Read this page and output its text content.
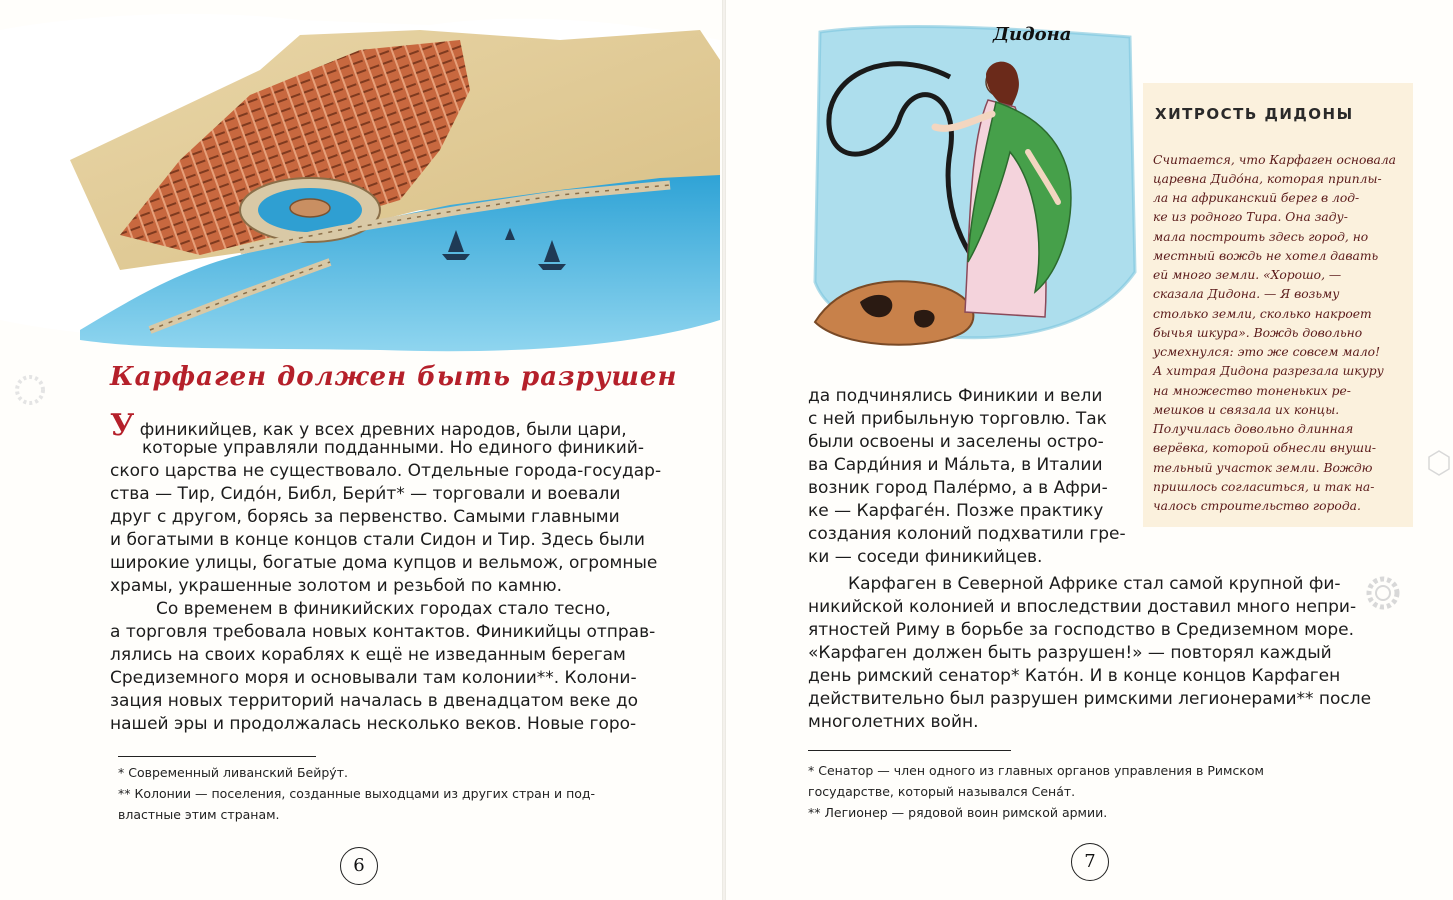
Карфаген должен быть разрушен

У финикийцев, как у всех древних народов, были цари,

которые управляли подданными. Но единого финикий-

ского царства не существовало. Отдельные города-государ-

ства — Тир, Сидо́н, Библ, Бери́т* — торговали и воевали

друг с другом, борясь за первенство. Самыми главными

и богатыми в конце концов стали Сидон и Тир. Здесь были

широкие улицы, богатые дома купцов и вельмож, огромные

храмы, украшенные золотом и резьбой по камню.

Со временем в финикийских городах стало тесно,

а торговля требовала новых контактов. Финикийцы отправ-

лялись на своих кораблях к ещё не изведанным берегам

Средиземного моря и основывали там колонии**. Колони-

зация новых территорий началась в двенадцатом веке до

нашей эры и продолжалась несколько веков. Новые горо-

* Современный ливанский Бейру́т.

** Колонии — поселения, созданные выходцами из других стран и под-

властные этим странам.

6

Дидона

ХИТРОСТЬ ДИДОНЫ

Считается, что Карфаген основала

царевна Дидо́на, которая приплы-

ла на африканский берег в лод-

ке из родного Тира. Она заду-

мала построить здесь город, но

местный вождь не хотел давать

ей много земли. «Хорошо, —

сказала Дидона. — Я возьму

столько земли, сколько накроет

бычья шкура». Вождь довольно

усмехнулся: это же совсем мало!

А хитрая Дидона разрезала шкуру

на множество тоненьких ре-

мешков и связала их концы.

Получилась довольно длинная

верёвка, которой обнесли внуши-

тельный участок земли. Вождю

пришлось согласиться, и так на-

чалось строительство города.

да подчинялись Финикии и вели

с ней прибыльную торговлю. Так

были освоены и заселены остро-

ва Сарди́ния и Ма́льта, в Италии

возник город Пале́рмо, а в Афри-

ке — Карфаге́н. Позже практику

создания колоний подхватили гре-

ки — соседи финикийцев.

Карфаген в Северной Африке стал самой крупной фи-

никийской колонией и впоследствии доставил много непри-

ятностей Риму в борьбе за господство в Средиземном море.

«Карфаген должен быть разрушен!» — повторял каждый

день римский сенатор* Като́н. И в конце концов Карфаген

действительно был разрушен римскими легионерами** после

многолетних войн.

* Сенатор — член одного из главных органов управления в Римском

государстве, который назывался Сена́т.

** Легионер — рядовой воин римской армии.

7
